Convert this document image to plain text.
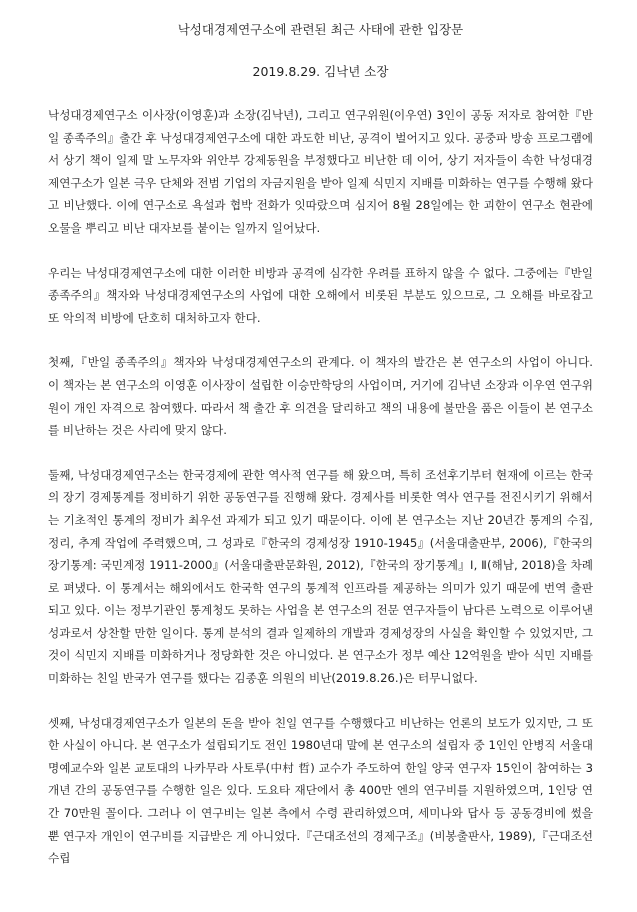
낙성대경제연구소에 관련된 최근 사태에 관한 입장문
2019.8.29. 김낙년 소장

낙성대경제연구소 이사장(이영훈)과 소장(김낙년), 그리고 연구위원(이우연) 3인이 공동 저자로 참여한『반일 종족주의』출간 후 낙성대경제연구소에 대한 과도한 비난, 공격이 벌어지고 있다. 공중파 방송 프로그램에서 상기 책이 일제 말 노무자와 위안부 강제동원을 부정했다고 비난한 데 이어, 상기 저자들이 속한 낙성대경제연구소가 일본 극우 단체와 전범 기업의 자금지원을 받아 일제 식민지 지배를 미화하는 연구를 수행해 왔다고 비난했다. 이에 연구소로 욕설과 협박 전화가 잇따랐으며 심지어 8월 28일에는 한 괴한이 연구소 현관에 오물을 뿌리고 비난 대자보를 붙이는 일까지 일어났다.

우리는 낙성대경제연구소에 대한 이러한 비방과 공격에 심각한 우려를 표하지 않을 수 없다. 그중에는『반일 종족주의』책자와 낙성대경제연구소의 사업에 대한 오해에서 비롯된 부분도 있으므로, 그 오해를 바로잡고 또 악의적 비방에 단호히 대처하고자 한다.

첫째,『반일 종족주의』책자와 낙성대경제연구소의 관계다. 이 책자의 발간은 본 연구소의 사업이 아니다. 이 책자는 본 연구소의 이영훈 이사장이 설립한 이승만학당의 사업이며, 거기에 김낙년 소장과 이우연 연구위원이 개인 자격으로 참여했다. 따라서 책 출간 후 의견을 달리하고 책의 내용에 불만을 품은 이들이 본 연구소를 비난하는 것은 사리에 맞지 않다.

둘째, 낙성대경제연구소는 한국경제에 관한 역사적 연구를 해 왔으며, 특히 조선후기부터 현재에 이르는 한국의 장기 경제통계를 정비하기 위한 공동연구를 진행해 왔다. 경제사를 비롯한 역사 연구를 전진시키기 위해서는 기초적인 통계의 정비가 최우선 과제가 되고 있기 때문이다. 이에 본 연구소는 지난 20년간 통계의 수집, 정리, 추계 작업에 주력했으며, 그 성과로『한국의 경제성장 1910-1945』(서울대출판부, 2006),『한국의 장기통계: 국민계정 1911-2000』(서울대출판문화원, 2012),『한국의 장기통계』Ⅰ, Ⅱ(해남, 2018)을 차례로 펴냈다. 이 통계서는 해외에서도 한국학 연구의 통계적 인프라를 제공하는 의미가 있기 때문에 번역 출판되고 있다. 이는 정부기관인 통계청도 못하는 사업을 본 연구소의 전문 연구자들이 남다른 노력으로 이루어낸 성과로서 상찬할 만한 일이다. 통계 분석의 결과 일제하의 개발과 경제성장의 사실을 확인할 수 있었지만, 그것이 식민지 지배를 미화하거나 정당화한 것은 아니었다. 본 연구소가 정부 예산 12억원을 받아 식민 지배를 미화하는 친일 반국가 연구를 했다는 김종훈 의원의 비난(2019.8.26.)은 터무니없다.

셋째, 낙성대경제연구소가 일본의 돈을 받아 친일 연구를 수행했다고 비난하는 언론의 보도가 있지만, 그 또한 사실이 아니다. 본 연구소가 설립되기도 전인 1980년대 말에 본 연구소의 설립자 중 1인인 안병직 서울대명예교수와 일본 교토대의 나카무라 사토루(中村 哲) 교수가 주도하여 한일 양국 연구자 15인이 참여하는 3개년 간의 공동연구를 수행한 일은 있다. 도요타 재단에서 총 400만 엔의 연구비를 지원하였으며, 1인당 연간 70만원 꼴이다. 그러나 이 연구비는 일본 측에서 수령 관리하였으며, 세미나와 답사 등 공동경비에 썼을 뿐 연구자 개인이 연구비를 지급받은 게 아니었다.『근대조선의 경제구조』(비봉출판사, 1989),『근대조선 수립
